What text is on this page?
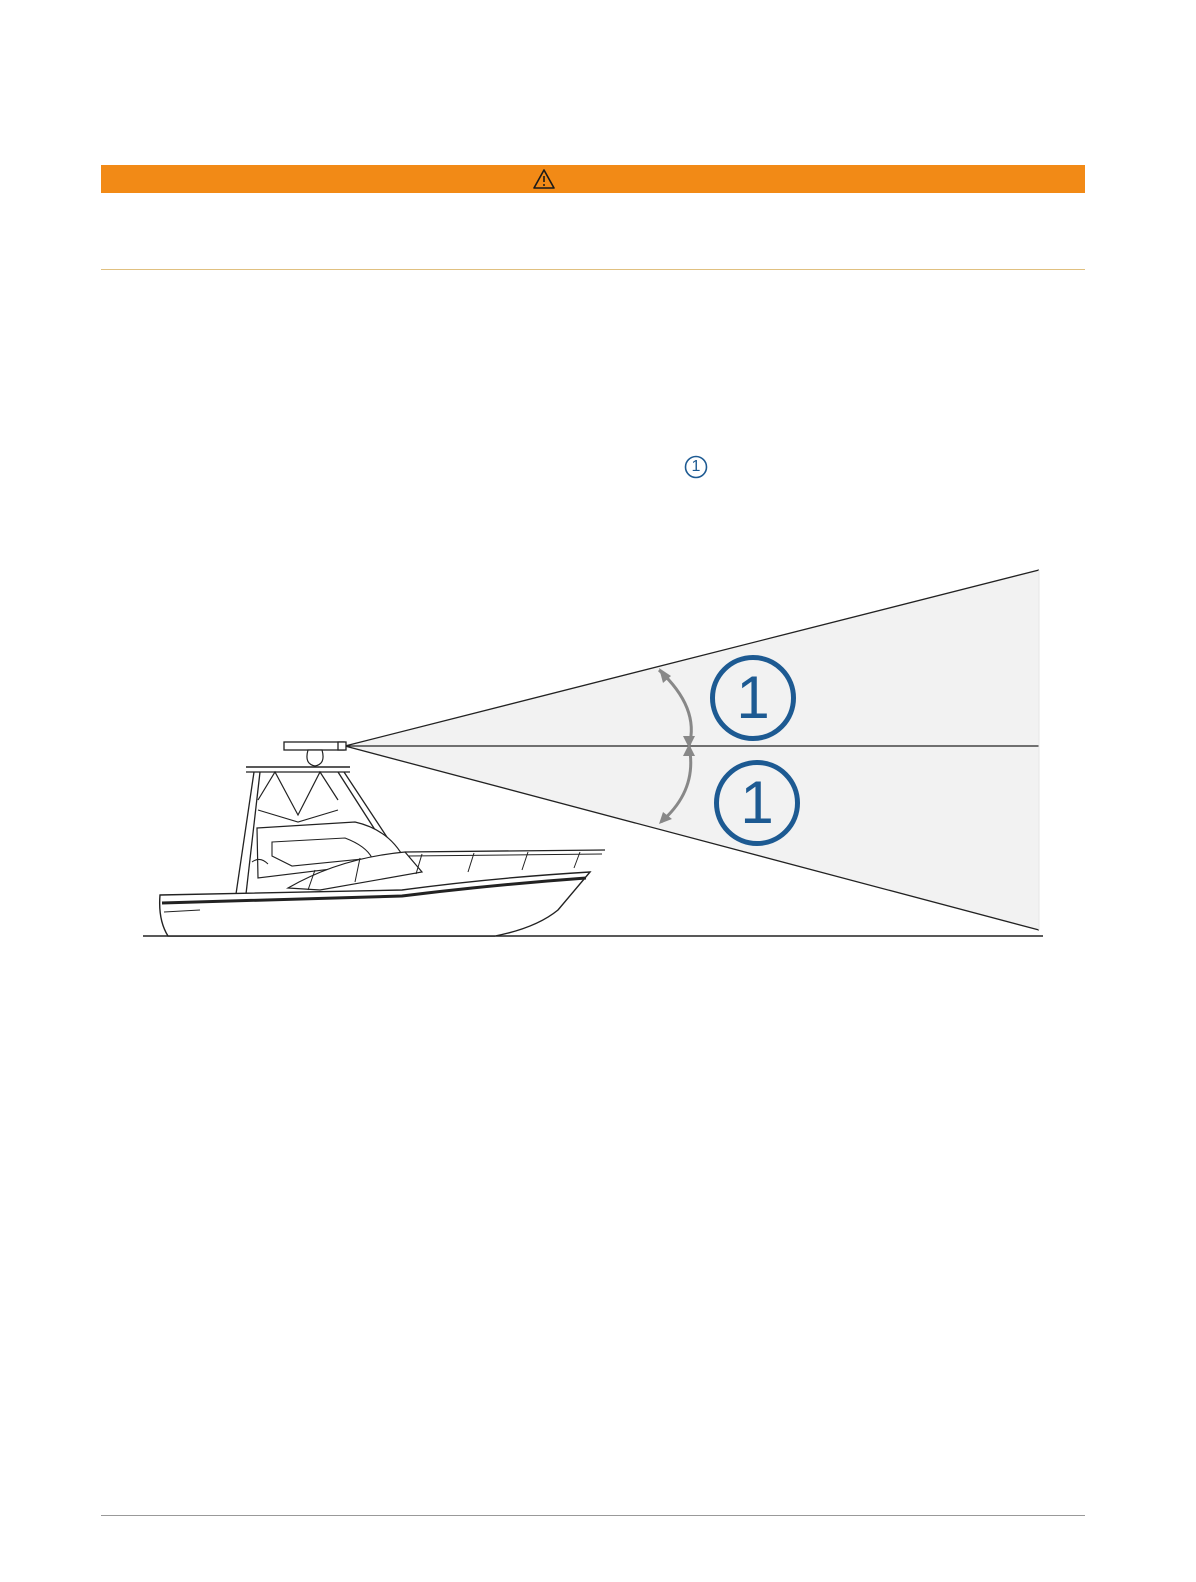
1
1
1
